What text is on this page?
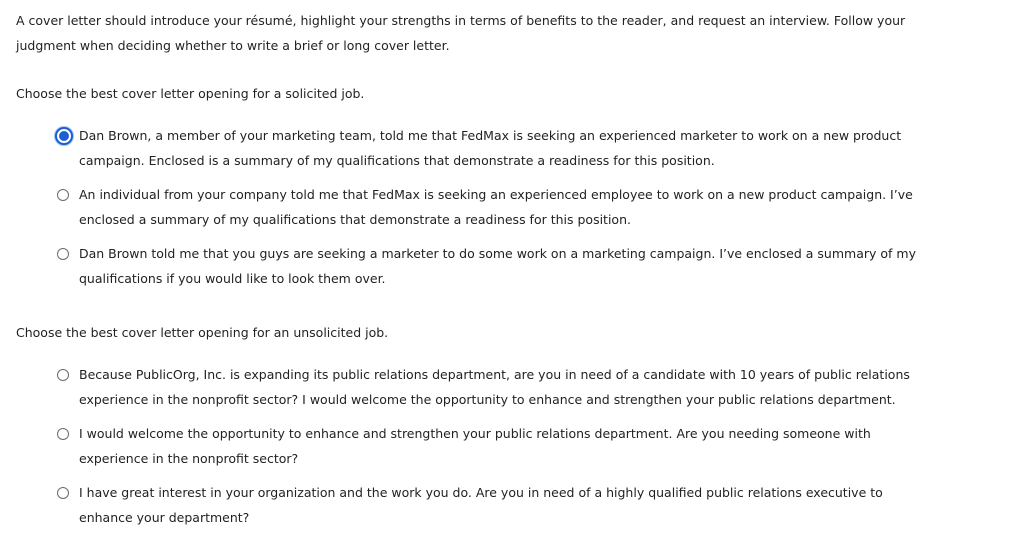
A cover letter should introduce your résumé, highlight your strengths in terms of benefits to the reader, and request an interview. Follow your judgment when deciding whether to write a brief or long cover letter.
Choose the best cover letter opening for a solicited job.
Dan Brown, a member of your marketing team, told me that FedMax is seeking an experienced marketer to work on a new product campaign. Enclosed is a summary of my qualifications that demonstrate a readiness for this position.
An individual from your company told me that FedMax is seeking an experienced employee to work on a new product campaign. I’ve enclosed a summary of my qualifications that demonstrate a readiness for this position.
Dan Brown told me that you guys are seeking a marketer to do some work on a marketing campaign. I’ve enclosed a summary of my qualifications if you would like to look them over.
Choose the best cover letter opening for an unsolicited job.
Because PublicOrg, Inc. is expanding its public relations department, are you in need of a candidate with 10 years of public relations experience in the nonprofit sector? I would welcome the opportunity to enhance and strengthen your public relations department.
I would welcome the opportunity to enhance and strengthen your public relations department. Are you needing someone with experience in the nonprofit sector?
I have great interest in your organization and the work you do. Are you in need of a highly qualified public relations executive to enhance your department?
